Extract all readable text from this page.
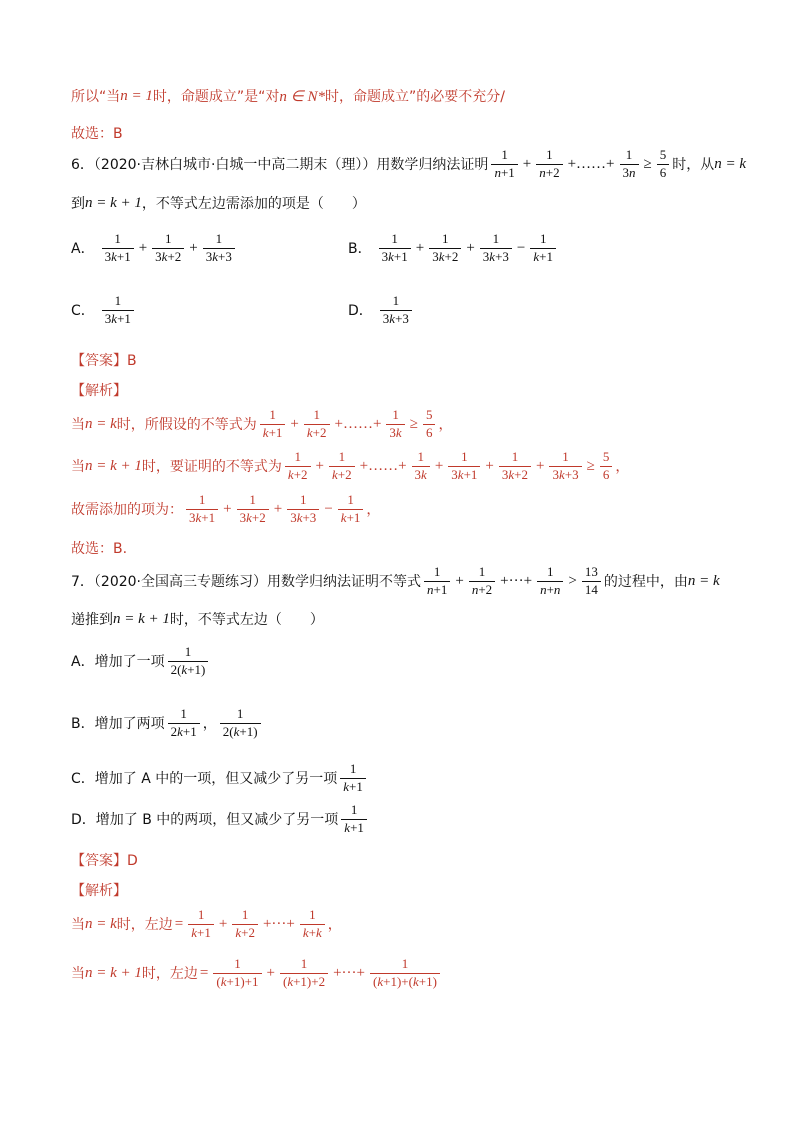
所以“当 n = 1 时，命题成立”是“对 n ∈ N* 时，命题成立”的必要不充分/
故选：B
6．（2020·吉林白城市·白城一中高二期末（理））用数学归纳法证明 $\frac{1}{n+1} + \frac{1}{n+2}$ +……+ $\frac{1}{3n} \ge \frac{5}{6}$ 时，从 n = k
到 n = k + 1 ，不等式左边需添加的项是（　　）
A． $\frac{1}{3k+1} + \frac{1}{3k+2} + \frac{1}{3k+3}$	B． $\frac{1}{3k+1} + \frac{1}{3k+2} + \frac{1}{3k+3} - \frac{1}{k+1}$
C． $\frac{1}{3k+1}$	D． $\frac{1}{3k+3}$
【答案】B
【解析】
当 n = k 时，所假设的不等式为 $\frac{1}{k+1} + \frac{1}{k+2}$ +……+ $\frac{1}{3k} \ge \frac{5}{6}$ ，
当 n = k + 1 时，要证明的不等式为 $\frac{1}{k+2} + \frac{1}{k+2}$ +……+ $\frac{1}{3k} + \frac{1}{3k+1} + \frac{1}{3k+2} + \frac{1}{3k+3} \ge \frac{5}{6}$ ，
故需添加的项为： $\frac{1}{3k+1} + \frac{1}{3k+2} + \frac{1}{3k+3} - \frac{1}{k+1}$ ，
故选：B.
7．（2020·全国高三专题练习）用数学归纳法证明不等式 $\frac{1}{n+1} + \frac{1}{n+2}$ +···+ $\frac{1}{n+n} > \frac{13}{14}$ 的过程中，由 n = k
递推到 n = k + 1 时，不等式左边（　　）
A．增加了一项 $\frac{1}{2(k+1)}$
B．增加了两项 $\frac{1}{2k+1}$ ， $\frac{1}{2(k+1)}$
C．增加了 A 中的一项，但又减少了另一项 $\frac{1}{k+1}$
D．增加了 B 中的两项，但又减少了另一项 $\frac{1}{k+1}$
【答案】D
【解析】
当 n = k 时，左边 = $\frac{1}{k+1} + \frac{1}{k+2}$ +···+ $\frac{1}{k+k}$ ，
当 n = k + 1 时，左边 = $\frac{1}{(k+1)+1} + \frac{1}{(k+1)+2}$ +···+ $\frac{1}{(k+1)+(k+1)}$
